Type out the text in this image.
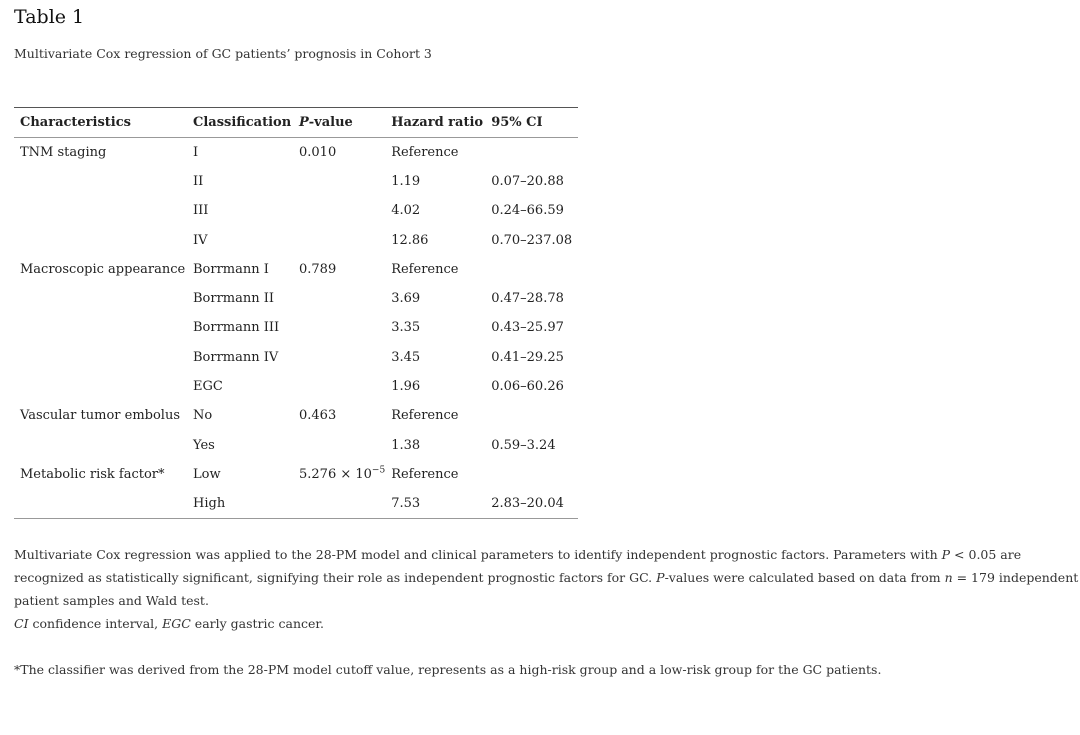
Table 1
Multivariate Cox regression of GC patients’ prognosis in Cohort 3
Characteristics	Classification	P-value	Hazard ratio	95% CI
TNM staging	I	0.010	Reference	
	II		1.19	0.07–20.88
	III		4.02	0.24–66.59
	IV		12.86	0.70–237.08
Macroscopic appearance	Borrmann I	0.789	Reference	
	Borrmann II		3.69	0.47–28.78
	Borrmann III		3.35	0.43–25.97
	Borrmann IV		3.45	0.41–29.25
	EGC		1.96	0.06–60.26
Vascular tumor embolus	No	0.463	Reference	
	Yes		1.38	0.59–3.24
Metabolic risk factor*	Low	$5.276 \times 10^{-5}$	Reference	
	High		7.53	2.83–20.04
Multivariate Cox regression was applied to the 28-PM model and clinical parameters to identify independent prognostic factors. Parameters with P < 0.05 are recognized as statistically significant, signifying their role as independent prognostic factors for GC. P-values were calculated based on data from n = 179 independent patient samples and Wald test.
CI confidence interval, EGC early gastric cancer.
*The classifier was derived from the 28-PM model cutoff value, represents as a high-risk group and a low-risk group for the GC patients.
